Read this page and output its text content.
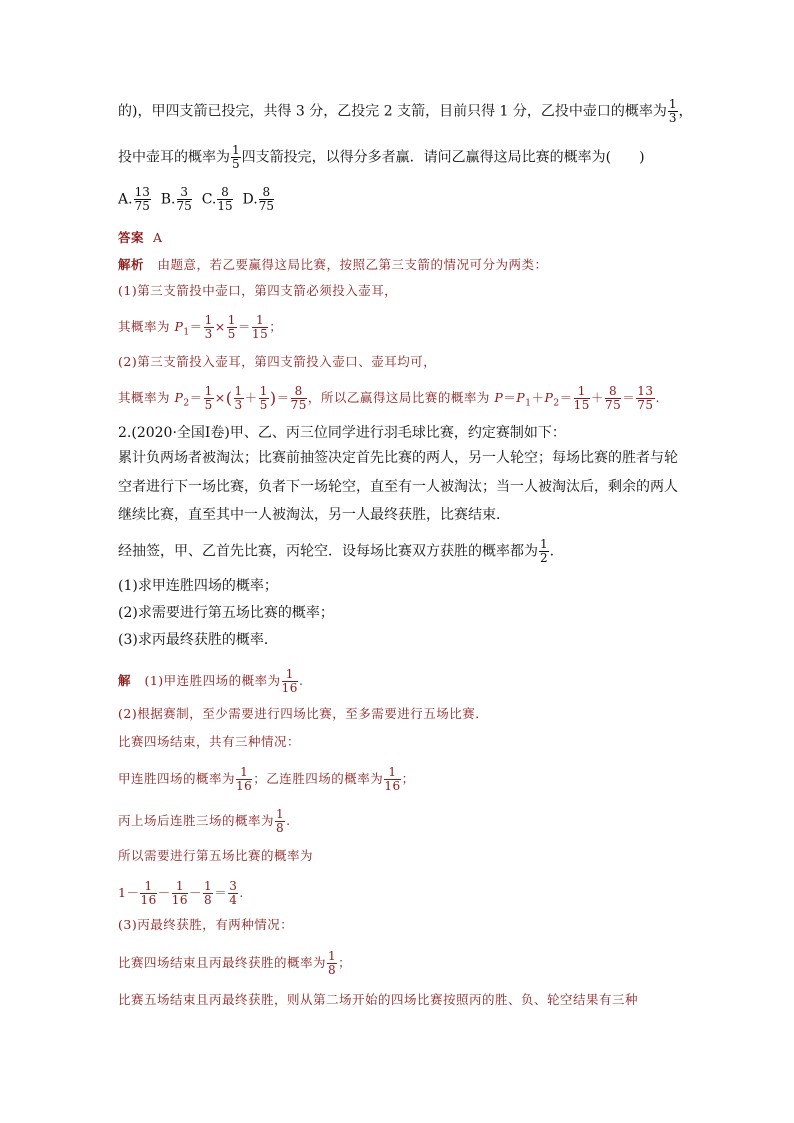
的)，甲四支箭已投完，共得 3 分，乙投完 2 支箭，目前只得 1 分，乙投中壶口的概率为 $\frac{1}{3}$ ，
投中壶耳的概率为 $\frac{1}{5}$ 四支箭投完，以得分多者赢．请问乙赢得这局比赛的概率为(　　)
A. $\frac{13}{75} B$. $\frac{3}{75} C$. $\frac{8}{15} D$. $\frac{8}{75}$
答案 A
解析 由题意，若乙要赢得这局比赛，按照乙第三支箭的情况可分为两类：
(1)第三支箭投中壶口，第四支箭必须投入壶耳，
其概率为 $P_1= \frac{1}{3} \times \frac{1}{5} = \frac{1}{15}$ ；
(2)第三支箭投入壶耳，第四支箭投入壶口、壶耳均可，
其概率为 $P_2= \frac{1}{5}$ ×( $\frac{1}{3} + \frac{1}{5}$ )＝ $\frac{8}{75}$ ，所以乙赢得这局比赛的概率为 $P=P_1+P_2= \frac{1}{15} + \frac{8}{75} = \frac{13}{75}$ .
2.(2020·全国Ⅰ卷)甲、乙、丙三位同学进行羽毛球比赛，约定赛制如下：
累计负两场者被淘汰；比赛前抽签决定首先比赛的两人，另一人轮空；每场比赛的胜者与轮
空者进行下一场比赛，负者下一场轮空，直至有一人被淘汰；当一人被淘汰后，剩余的两人
继续比赛，直至其中一人被淘汰，另一人最终获胜，比赛结束．
经抽签，甲、乙首先比赛，丙轮空．设每场比赛双方获胜的概率都为 $\frac{1}{2}$ .
(1)求甲连胜四场的概率；
(2)求需要进行第五场比赛的概率；
(3)求丙最终获胜的概率．
解 (1)甲连胜四场的概率为 $\frac{1}{16}$ .
(2)根据赛制，至少需要进行四场比赛，至多需要进行五场比赛．
比赛四场结束，共有三种情况：
甲连胜四场的概率为 $\frac{1}{16}$ ；乙连胜四场的概率为 $\frac{1}{16}$ ；
丙上场后连胜三场的概率为 $\frac{1}{8}$ .
所以需要进行第五场比赛的概率为
$1- \frac{1}{16} - \frac{1}{16} - \frac{1}{8} = \frac{3}{4}$ .
(3)丙最终获胜，有两种情况：
比赛四场结束且丙最终获胜的概率为 $\frac{1}{8}$ ；
比赛五场结束且丙最终获胜，则从第二场开始的四场比赛按照丙的胜、负、轮空结果有三种
